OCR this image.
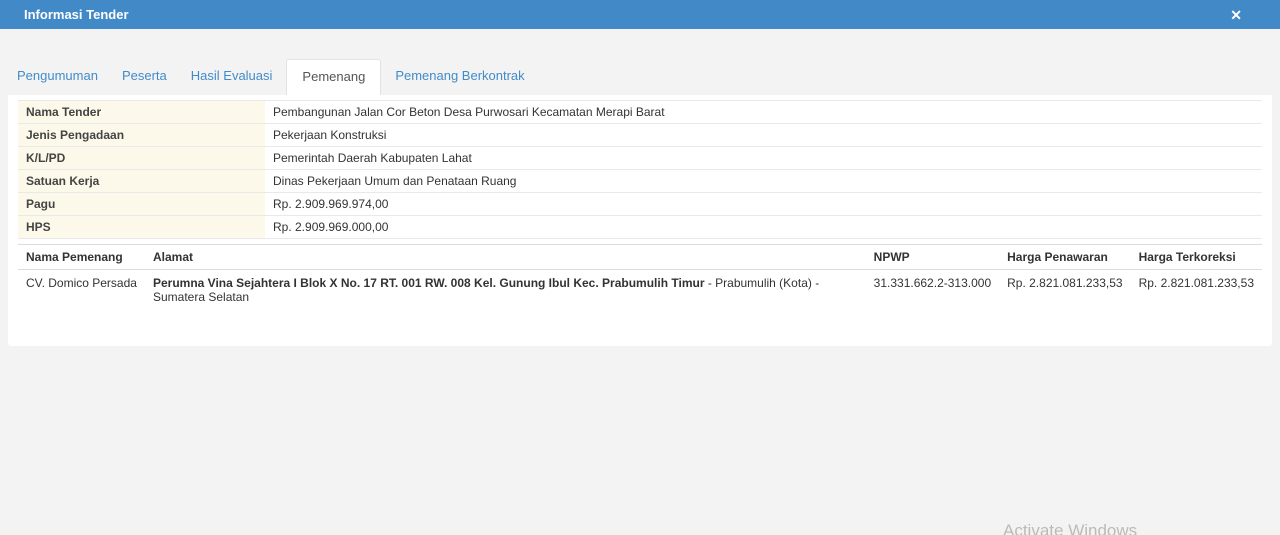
Informasi Tender	✕
Pengumuman	Peserta	Hasil Evaluasi	Pemenang	Pemenang Berkontrak
Nama Tender	Pembangunan Jalan Cor Beton Desa Purwosari Kecamatan Merapi Barat
Jenis Pengadaan	Pekerjaan Konstruksi
K/L/PD	Pemerintah Daerah Kabupaten Lahat
Satuan Kerja	Dinas Pekerjaan Umum dan Penataan Ruang
Pagu	Rp. 2.909.969.974,00
HPS	Rp. 2.909.969.000,00
Nama Pemenang	Alamat	NPWP	Harga Penawaran	Harga Terkoreksi
CV. Domico Persada	Perumna Vina Sejahtera I Blok X No. 17 RT. 001 RW. 008 Kel. Gunung Ibul Kec. Prabumulih Timur - Prabumulih (Kota) - Sumatera Selatan	31.331.662.2-313.000	Rp. 2.821.081.233,53	Rp. 2.821.081.233,53
Activate Windows
